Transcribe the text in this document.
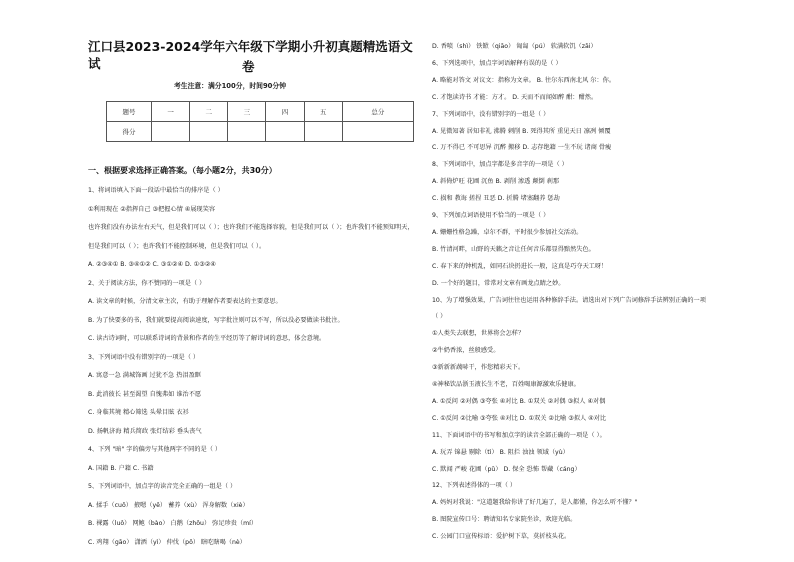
江口县2023-2024学年六年级下学期小升初真题精选语文试	卷
考生注意：满分100分，时间90分钟
题号	一	二	三	四	五	总分
得分						
一、根据要求选择正确答案。（每小题2分，共30分）
1、将词语填入下面一段话中最恰当的排序是（ ）
①利用现在 ②指挥自己 ③把握心情 ④展现笑容
也许我们没有办法左右天气，但是我们可以（ ）；也许我们不能选择容貌，但是我们可以（ ）；也许我们不能预知明天，
但是我们可以（ ）；也许我们不能控制环境，但是我们可以（ ）。
A. ②③④① B. ③④①② C. ③①②④ D. ①③②④
2、关于阅读方法，你不赞同的一项是（ ）
A. 读文章的时候，分清文章主次，有助于理解作者要表达的主要意思。
B. 为了快要多的书，我们就要提高阅读速度，写字批注则可以不写，所以没必要做读书批注。
C. 读古诗词时，可以联系诗词的背景和作者的生平经历等了解诗词的意思，体会意境。
3、下列词语中没有错别字的一项是（ ）
A. 寓意一急 满城饰画 过犹不急 热泪盈眶
B. 此消彼长 甚至渴望 自愧弗如 谁治不愿
C. 身临其境 精心筛选 头晕目眩 衣衫
D. 扬帆济海 精兵简政 张灯结彩 垂头丧气
4、下列 "暗" 字的偏旁与其他两字不同的是（ ）
A. 国籍 B. 户籍 C. 书籍
5、下列词语中，加点字的读音完全正确的一组是（ ）
A. 揉手（cuō） 掖嗯（yē） 蓄养（xù） 浑身解数（xiè）
B. 裸露（luǒ） 网鲍（bào） 白鹅（zhōu） 弥足珍贵（mí）
C. 鸡翔（gāo） 潇洒（yì） 仲伐（pō） 瞎吃瞎喝（nè）
D. 香喷（shì） 铁锨（qiāo） 匍匐（pú） 软满软饥（zāi）
6、下列选项中，加点字词语解释有误的是（ ）
A. 略能对答文 对议文：指称为文章。 B. 往尔东西南北风 尔：你。
C. 才饱读诗书 才能：方才。 D. 天而不而闻如醉 酣：酣然。
7、下列词语中，没有错别字的一组是（ ）
A. 见微知著 居知非礼 沸腾 刺削 B. 死得其所 重见天日 凛冽 倾覆
C. 万不得已 不可思异 沉醉 搬移 D. 志存绝籍 一生不玩 诸商 骨瘦
8、下列词语中，加点字都是多音字的一项是（ ）
A. 斜倚炉旺 花圃 沉鱼 B. 剥削 渗透 颠倒 刹那
C. 损和 教诲 搓捏 丑恶 D. 折腾 堵塞翻养 惩劫
9、下列加点词语使用不恰当的一项是（ ）
A. 姗姗性格急躁，卓尔不群，平时很少参加社交活动。
B. 竹清河畔，山野的天籁之音让任何音乐都显得黯然失色。
C. 春下来的钟机乱，如同石块扔进长一般，这真是巧夺天工呀！
D. 一个好的题目，常常对文章有画龙点睛之妙。
10、为了增强效果，广告词往往也运用各种修辞手法。请选出对下列广告词修辞手法辨别正确的一项
（ ）
①人类失去联想，世界将会怎样？
②牛奶香浓，丝般感受。
③新新新蔬哧干，作您精彩天下。
④神秘饮品浙玉液长生不老，百姓喝康源激欢乐健康。
A. ①反问 ②对偶 ③夸张 ④对比 B. ①双关 ②对偶 ③拟人 ④对偶
C. ①反问 ②比喻 ③夸张 ④对比 D. ①双关 ②比喻 ③拟人 ④对比
11、下面词语中的书写和加点字的读音全部正确的一项是（ ）。
A. 玩弄 锦悬 剔除（tì） B. 阻拦 浊浊 领域（yù）
C. 默闻 严峻 花圃（pǔ） D. 保全 恐怖 帮藏（cáng）
12、下列表述得体的一项（ ）
A. 妈妈对我说："这道题我给你讲了好几遍了，是人都懂，你怎么听不懂？"
B. 图院宣传口号：聘请知名专家院坐诊，欢迎光临。
C. 公园门口宣传标语：爱护树下草，莫折枝头花。
